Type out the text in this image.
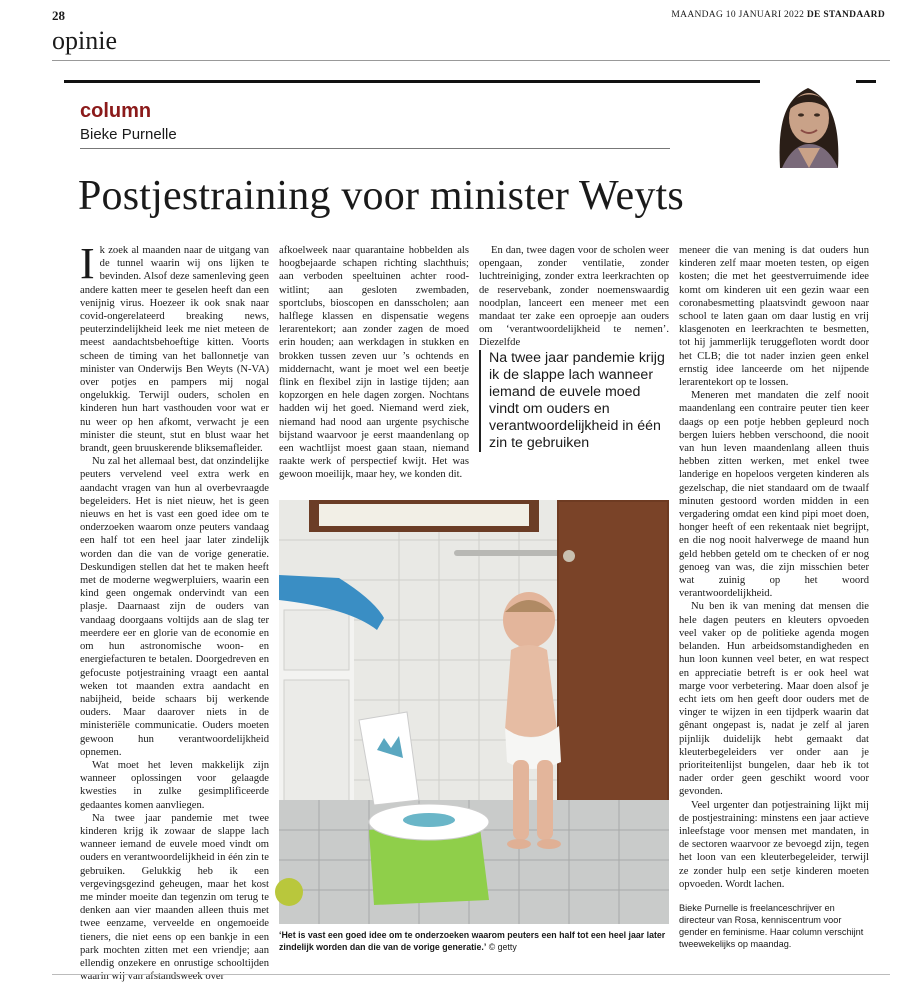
28	MAANDAG 10 JANUARI 2022 DE STANDAARD
opinie
column
Bieke Purnelle
Postjestraining voor minister Weyts

Ik zoek al maanden naar de uitgang van de tunnel waarin wij ons lijken te bevinden. Alsof deze samenleving geen andere katten meer te geselen heeft dan een venijnig virus. Hoezeer ik ook snak naar covid-ongerelateerd breaking news, peuterzindelijkheid leek me niet meteen de meest aandachtsbehoeftige kitten. Voorts scheen de timing van het ballonnetje van minister van Onderwijs Ben Weyts (N-VA) over potjes en pampers mij nogal ongelukkig. Terwijl ouders, scholen en kinderen hun hart vasthouden voor wat er nu weer op hen afkomt, verwacht je een minister die steunt, stut en blust waar het brandt, geen bruuskerende bliksemafleider.

Nu zal het allemaal best, dat onzindelijke peuters vervelend veel extra werk en aandacht vragen van hun al overbevraagde begeleiders. Het is niet nieuw, het is geen nieuws en het is vast een goed idee om te onderzoeken waarom onze peuters vandaag een half tot een heel jaar later zindelijk worden dan die van de vorige generatie. Deskundigen stellen dat het te maken heeft met de moderne wegwerpluiers, waarin een kind geen ongemak ondervindt van een plasje. Daarnaast zijn de ouders van vandaag doorgaans voltijds aan de slag ter meerdere eer en glorie van de economie en om hun astronomische woon- en energiefacturen te betalen. Doorgedreven en gefocuste potjestraining vraagt een aantal weken tot maanden extra aandacht en nabijheid, beide schaars bij werkende ouders. Maar daarover niets in de ministeriële communicatie. Ouders moeten gewoon hun verantwoordelijkheid opnemen.

Wat moet het leven makkelijk zijn wanneer oplossingen voor gelaagde kwesties in zulke gesimplificeerde gedaantes komen aanvliegen.

Na twee jaar pandemie met twee kinderen krijg ik zowaar de slappe lach wanneer iemand de euvele moed vindt om ouders en verantwoordelijkheid in één zin te gebruiken. Gelukkig heb ik een vergevingsgezind geheugen, maar het kost me minder moeite dan tegenzin om terug te denken aan vier maanden alleen thuis met twee eenzame, verveelde en ongemoeide tieners, die niet eens op een bankje in een park mochten zitten met een vriendje; aan ellendig onzekere en onrustige schooltijden waarin wij van afstandsweek over

afkoelweek naar quarantaine hobbelden als hoogbejaarde schapen richting slachthuis; aan verboden speeltuinen achter rood-witlint; aan gesloten zwembaden, sportclubs, bioscopen en dansscholen; aan halflege klassen en dispensatie wegens lerarentekort; aan zonder zagen de moed erin houden; aan werkdagen in stukken en brokken tussen zeven uur ’s ochtends en middernacht, want je moet wel een beetje flink en flexibel zijn in lastige tijden; aan kopzorgen en hele dagen zorgen. Nochtans hadden wij het goed. Niemand werd ziek, niemand had nood aan urgente psychische bijstand waarvoor je eerst maandenlang op een wachtlijst moest gaan staan, niemand raakte werk of perspectief kwijt. Het was gewoon moeilijk, maar hey, we konden dit.

En dan, twee dagen voor de scholen weer opengaan, zonder ventilatie, zonder luchtreiniging, zonder extra leerkrachten op de reservebank, zonder noemenswaardig noodplan, lanceert een meneer met een mandaat ter zake een oproepje aan ouders om ‘verantwoordelijkheid te nemen’. Diezelfde

Na twee jaar pandemie krijg ik de slappe lach wanneer iemand de euvele moed vindt om ouders en verantwoordelijkheid in één zin te gebruiken

meneer die van mening is dat ouders hun kinderen zelf maar moeten testen, op eigen kosten; die met het geestverruimende idee komt om kinderen uit een gezin waar een coronabesmetting plaatsvindt gewoon naar school te laten gaan om daar lustig en vrij klasgenoten en leerkrachten te besmetten, tot hij jammerlijk teruggefloten wordt door het CLB; die tot nader inzien geen enkel ernstig idee lanceerde om het nijpende lerarentekort op te lossen.

Meneren met mandaten die zelf nooit maandenlang een contraire peuter tien keer daags op een potje hebben gepleurd noch bergen luiers hebben verschoond, die nooit van hun leven maandenlang alleen thuis hebben zitten werken, met enkel twee landerige en hopeloos vergeten kinderen als gezelschap, die niet standaard om de twaalf minuten gestoord worden midden in een vergadering omdat een kind pipi moet doen, honger heeft of een rekentaak niet begrijpt, en die nog nooit halverwege de maand hun geld hebben geteld om te checken of er nog genoeg van was, die zijn misschien beter wat zuinig op het woord verantwoordelijkheid.

Nu ben ik van mening dat mensen die hele dagen peuters en kleuters opvoeden veel vaker op de politieke agenda mogen belanden. Hun arbeidsomstandigheden en hun loon kunnen veel beter, en wat respect en appreciatie betreft is er ook heel wat marge voor verbetering. Maar doen alsof je echt iets om hen geeft door ouders met de vinger te wijzen in een tijdperk waarin dat gênant ongepast is, nadat je zelf al jaren pijnlijk duidelijk hebt gemaakt dat kleuterbegeleiders ver onder aan je prioriteitenlijst bungelen, daar heb ik tot nader order geen geschikt woord voor gevonden.

Veel urgenter dan potjestraining lijkt mij de postjestraining: minstens een jaar actieve inleefstage voor mensen met mandaten, in de sectoren waarvoor ze bevoegd zijn, tegen het loon van een kleuterbegeleider, terwijl ze zonder hulp een setje kinderen moeten opvoeden. Wordt lachen.

‘Het is vast een goed idee om te onderzoeken waarom peuters een half tot een heel jaar later zindelijk worden dan die van de vorige generatie.’ © getty
Bieke Purnelle is freelanceschrijver en directeur van Rosa, kenniscentrum voor gender en feminisme. Haar column verschijnt tweewekelijks op maandag.
